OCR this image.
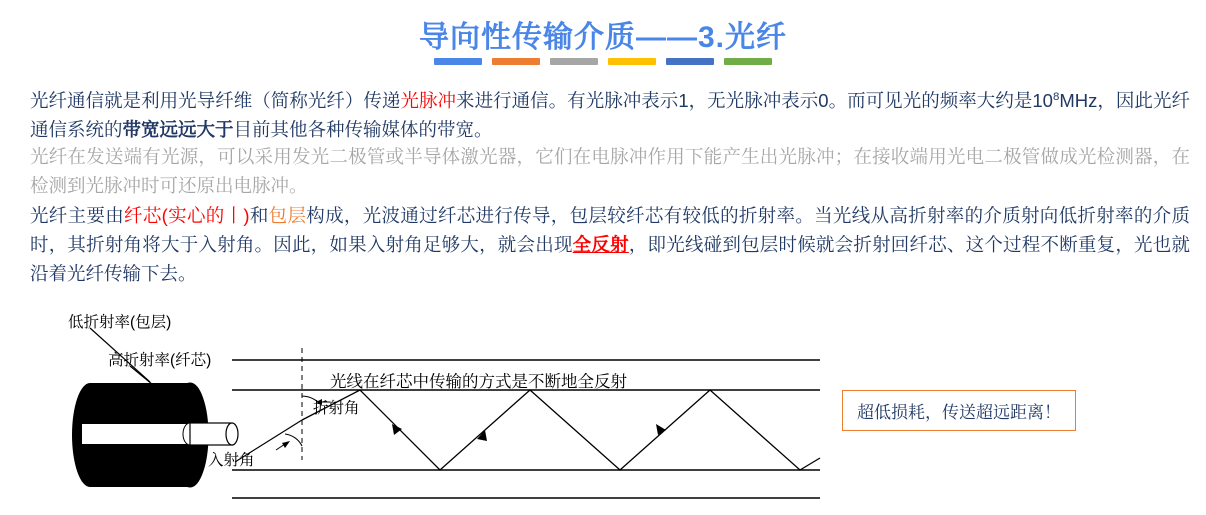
导向性传输介质——3.光纤
光纤通信就是利用光导纤维（简称光纤）传递光脉冲来进行通信。有光脉冲表示1，无光脉冲表示0。而可见光的频率大约是$10^8MHz$，因此光纤通信系统的带宽远远大于目前其他各种传输媒体的带宽。
光纤在发送端有光源，可以采用发光二极管或半导体激光器，它们在电脉冲作用下能产生出光脉冲；在接收端用光电二极管做成光检测器，在检测到光脉冲时可还原出电脉冲。
光纤主要由纤芯(实心的丨)和包层构成，光波通过纤芯进行传导，包层较纤芯有较低的折射率。当光线从高折射率的介质射向低折射率的介质时，其折射角将大于入射角。因此，如果入射角足够大，就会出现全反射，即光线碰到包层时候就会折射回纤芯、这个过程不断重复，光也就沿着光纤传输下去。
低折射率(包层)
高折射率(纤芯)
光线在纤芯中传输的方式是不断地全反射
折射角
入射角
超低损耗，传送超远距离！
